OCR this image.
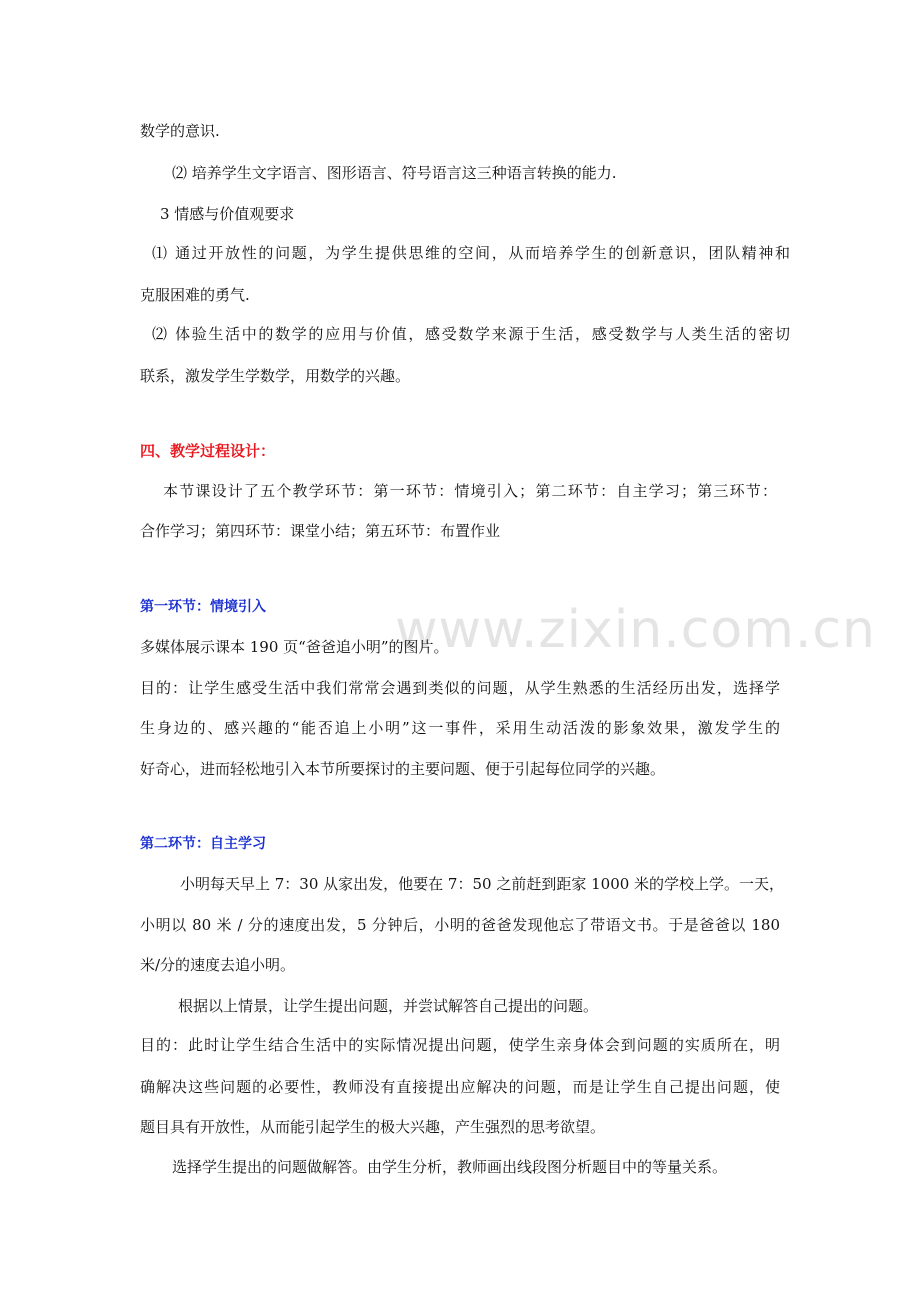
www.zixin.com.cn
数学的意识.
⑵ 培养学生文字语言、图形语言、符号语言这三种语言转换的能力.
3 情感与价值观要求
⑴ 通过开放性的问题，为学生提供思维的空间，从而培养学生的创新意识，团队精神和
克服困难的勇气.
⑵ 体验生活中的数学的应用与价值，感受数学来源于生活，感受数学与人类生活的密切
联系，激发学生学数学，用数学的兴趣。
四、教学过程设计：
本节课设计了五个教学环节：第一环节：情境引入；第二环节：自主学习；第三环节：
合作学习；第四环节：课堂小结；第五环节：布置作业
第一环节：情境引入
多媒体展示课本 190 页“爸爸追小明”的图片。
目的：让学生感受生活中我们常常会遇到类似的问题，从学生熟悉的生活经历出发，选择学
生身边的、感兴趣的“能否追上小明”这一事件，采用生动活泼的影象效果，激发学生的
好奇心，进而轻松地引入本节所要探讨的主要问题、便于引起每位同学的兴趣。
第二环节：自主学习
小明每天早上 7：30 从家出发，他要在 7：50 之前赶到距家 1000 米的学校上学。一天，
小明以 80 米 / 分的速度出发，5 分钟后，小明的爸爸发现他忘了带语文书。于是爸爸以 180
米/分的速度去追小明。
根据以上情景，让学生提出问题，并尝试解答自己提出的问题。
目的：此时让学生结合生活中的实际情况提出问题，使学生亲身体会到问题的实质所在，明
确解决这些问题的必要性，教师没有直接提出应解决的问题，而是让学生自己提出问题，使
题目具有开放性，从而能引起学生的极大兴趣，产生强烈的思考欲望。
选择学生提出的问题做解答。由学生分析，教师画出线段图分析题目中的等量关系。
